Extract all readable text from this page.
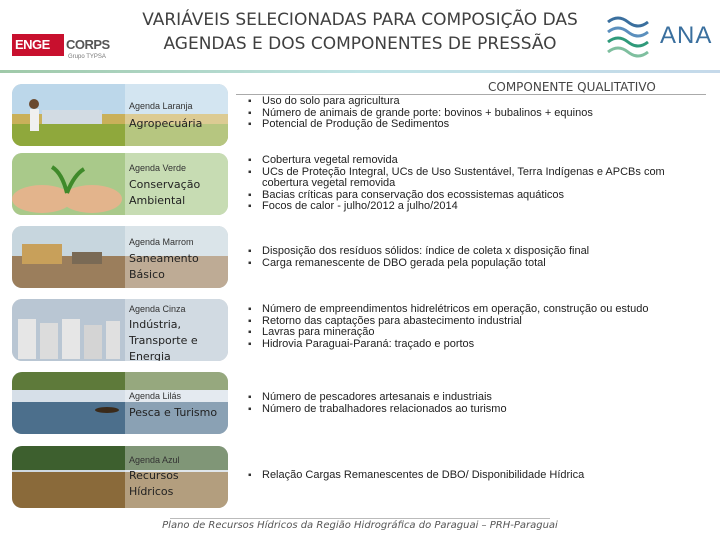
ENGE CORPS
Grupo TYPSA
VARIÁVEIS SELECIONADAS PARA COMPOSIÇÃO DAS
AGENDAS E DOS COMPONENTES DE PRESSÃO	ANA
COMPONENTE QUALITATIVO
Agenda Laranja
Agropecuária
▪ Uso do solo para agricultura
▪ Número de animais de grande porte: bovinos + bubalinos + equinos
▪ Potencial de Produção de Sedimentos
Agenda Verde
Conservação Ambiental
▪ Cobertura vegetal removida
▪ UCs de Proteção Integral, UCs de Uso Sustentável, Terra Indígenas e APCBs com cobertura vegetal removida
▪ Bacias críticas para conservação dos ecossistemas aquáticos
▪ Focos de calor - julho/2012 a julho/2014
Agenda Marrom
Saneamento Básico
▪ Disposição dos resíduos sólidos: índice de coleta x disposição final
▪ Carga remanescente de DBO gerada pela população total
Agenda Cinza
Indústria, Transporte e Energia
▪ Número de empreendimentos hidrelétricos em operação, construção ou estudo
▪ Retorno das captações para abastecimento industrial
▪ Lavras para mineração
▪ Hidrovia Paraguai-Paraná: traçado e portos
Agenda Lilás
Pesca e Turismo
▪ Número de pescadores artesanais e industriais
▪ Número de trabalhadores relacionados ao turismo
Agenda Azul
Recursos Hídricos
▪ Relação Cargas Remanescentes de DBO/ Disponibilidade Hídrica
Plano de Recursos Hídricos da Região Hidrográfica do Paraguai – PRH-Paraguai
